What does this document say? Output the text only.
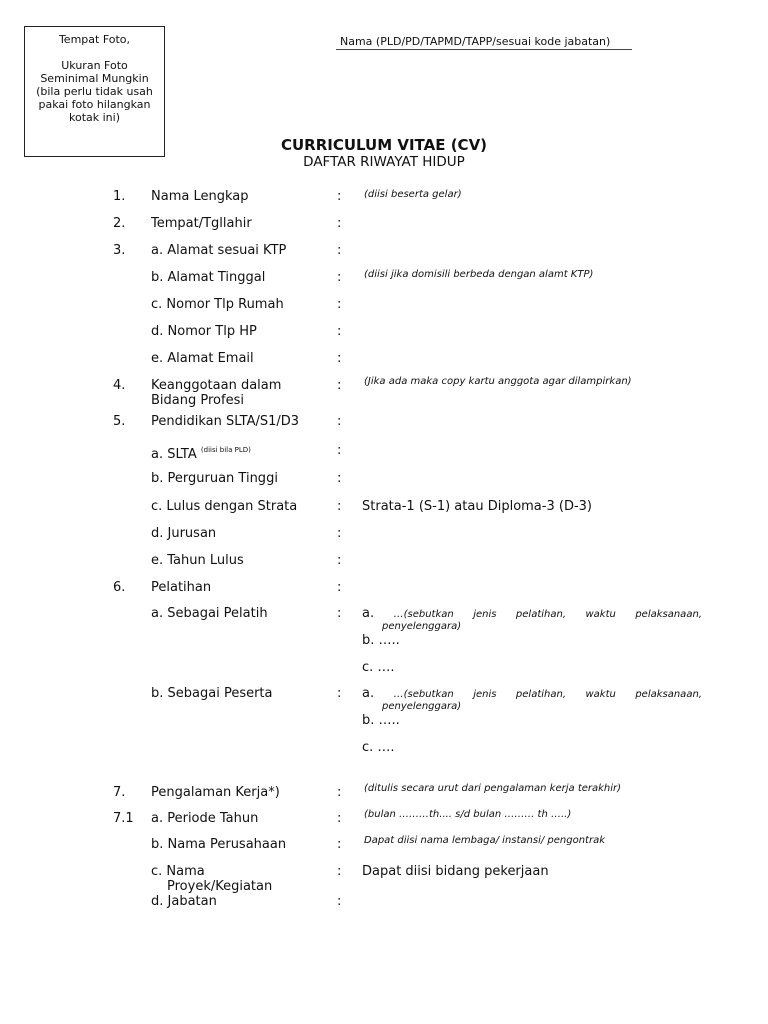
Tempat Foto,
Ukuran Foto
Seminimal Mungkin
(bila perlu tidak usah
pakai foto hilangkan
kotak ini)
Nama (PLD/PD/TAPMD/TAPP/sesuai kode jabatan)
CURRICULUM VITAE (CV)
DAFTAR RIWAYAT HIDUP
1. Nama Lengkap	: (diisi beserta gelar)
2. Tempat/Tgllahir	:
3. a. Alamat sesuai KTP	:
b. Alamat Tinggal	: (diisi jika domisili berbeda dengan alamt KTP)
c. Nomor Tlp Rumah	:
d. Nomor Tlp HP	:
e. Alamat Email	:
4. Keanggotaan dalam
Bidang Profesi
: (Jika ada maka copy kartu anggota agar dilampirkan)
5. Pendidikan SLTA/S1/D3	:
a. SLTA $^{(diisi bila PLD)}$	:
b. Perguruan Tinggi	:
c. Lulus dengan Strata	: Strata-1 (S-1) atau Diploma-3 (D-3)
d. Jurusan	:
e. Tahun Lulus	:
6. Pelatihan	:
a. Sebagai Pelatih	: a. …(sebutkan jenis pelatihan, waktu pelaksanaan,
penyelenggara)
b. …..
c. ….
b. Sebagai Peserta	: a. …(sebutkan jenis pelatihan, waktu pelaksanaan,
penyelenggara)
b. …..
c. ….
7. Pengalaman Kerja*)	: (ditulis secara urut dari pengalaman kerja terakhir)
7.1 a. Periode Tahun	: (bulan ………th.... s/d bulan ……… th …..)
b. Nama Perusahaan	: Dapat diisi nama lembaga/ instansi/ pengontrak
c. Nama
Proyek/Kegiatan
: Dapat diisi bidang pekerjaan
d. Jabatan	:
